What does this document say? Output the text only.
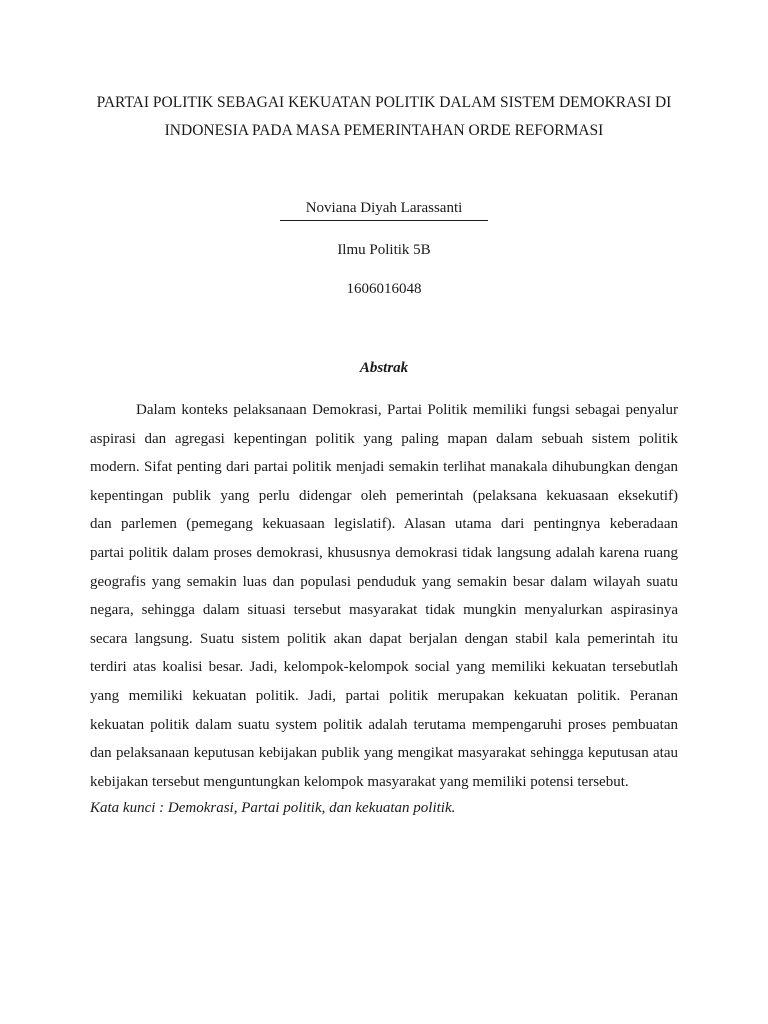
PARTAI POLITIK SEBAGAI KEKUATAN POLITIK DALAM SISTEM DEMOKRASI DI
INDONESIA PADA MASA PEMERINTAHAN ORDE REFORMASI
Noviana Diyah Larassanti
Ilmu Politik 5B
1606016048
Abstrak

Dalam konteks pelaksanaan Demokrasi, Partai Politik memiliki fungsi sebagai penyalur
aspirasi dan agregasi kepentingan politik yang paling mapan dalam sebuah sistem politik
modern. Sifat penting dari partai politik menjadi semakin terlihat manakala dihubungkan dengan
kepentingan publik yang perlu didengar oleh pemerintah (pelaksana kekuasaan eksekutif)
dan parlemen (pemegang kekuasaan legislatif). Alasan utama dari pentingnya keberadaan
partai politik dalam proses demokrasi, khususnya demokrasi tidak langsung adalah karena ruang
geografis yang semakin luas dan populasi penduduk yang semakin besar dalam wilayah suatu
negara, sehingga dalam situasi tersebut masyarakat tidak mungkin menyalurkan aspirasinya
secara langsung. Suatu sistem politik akan dapat berjalan dengan stabil kala pemerintah itu
terdiri atas koalisi besar. Jadi, kelompok-kelompok social yang memiliki kekuatan tersebutlah
yang memiliki kekuatan politik. Jadi, partai politik merupakan kekuatan politik. Peranan
kekuatan politik dalam suatu system politik adalah terutama mempengaruhi proses pembuatan
dan pelaksanaan keputusan kebijakan publik yang mengikat masyarakat sehingga keputusan atau
kebijakan tersebut menguntungkan kelompok masyarakat yang memiliki potensi tersebut.

Kata kunci : Demokrasi, Partai politik, dan kekuatan politik.
